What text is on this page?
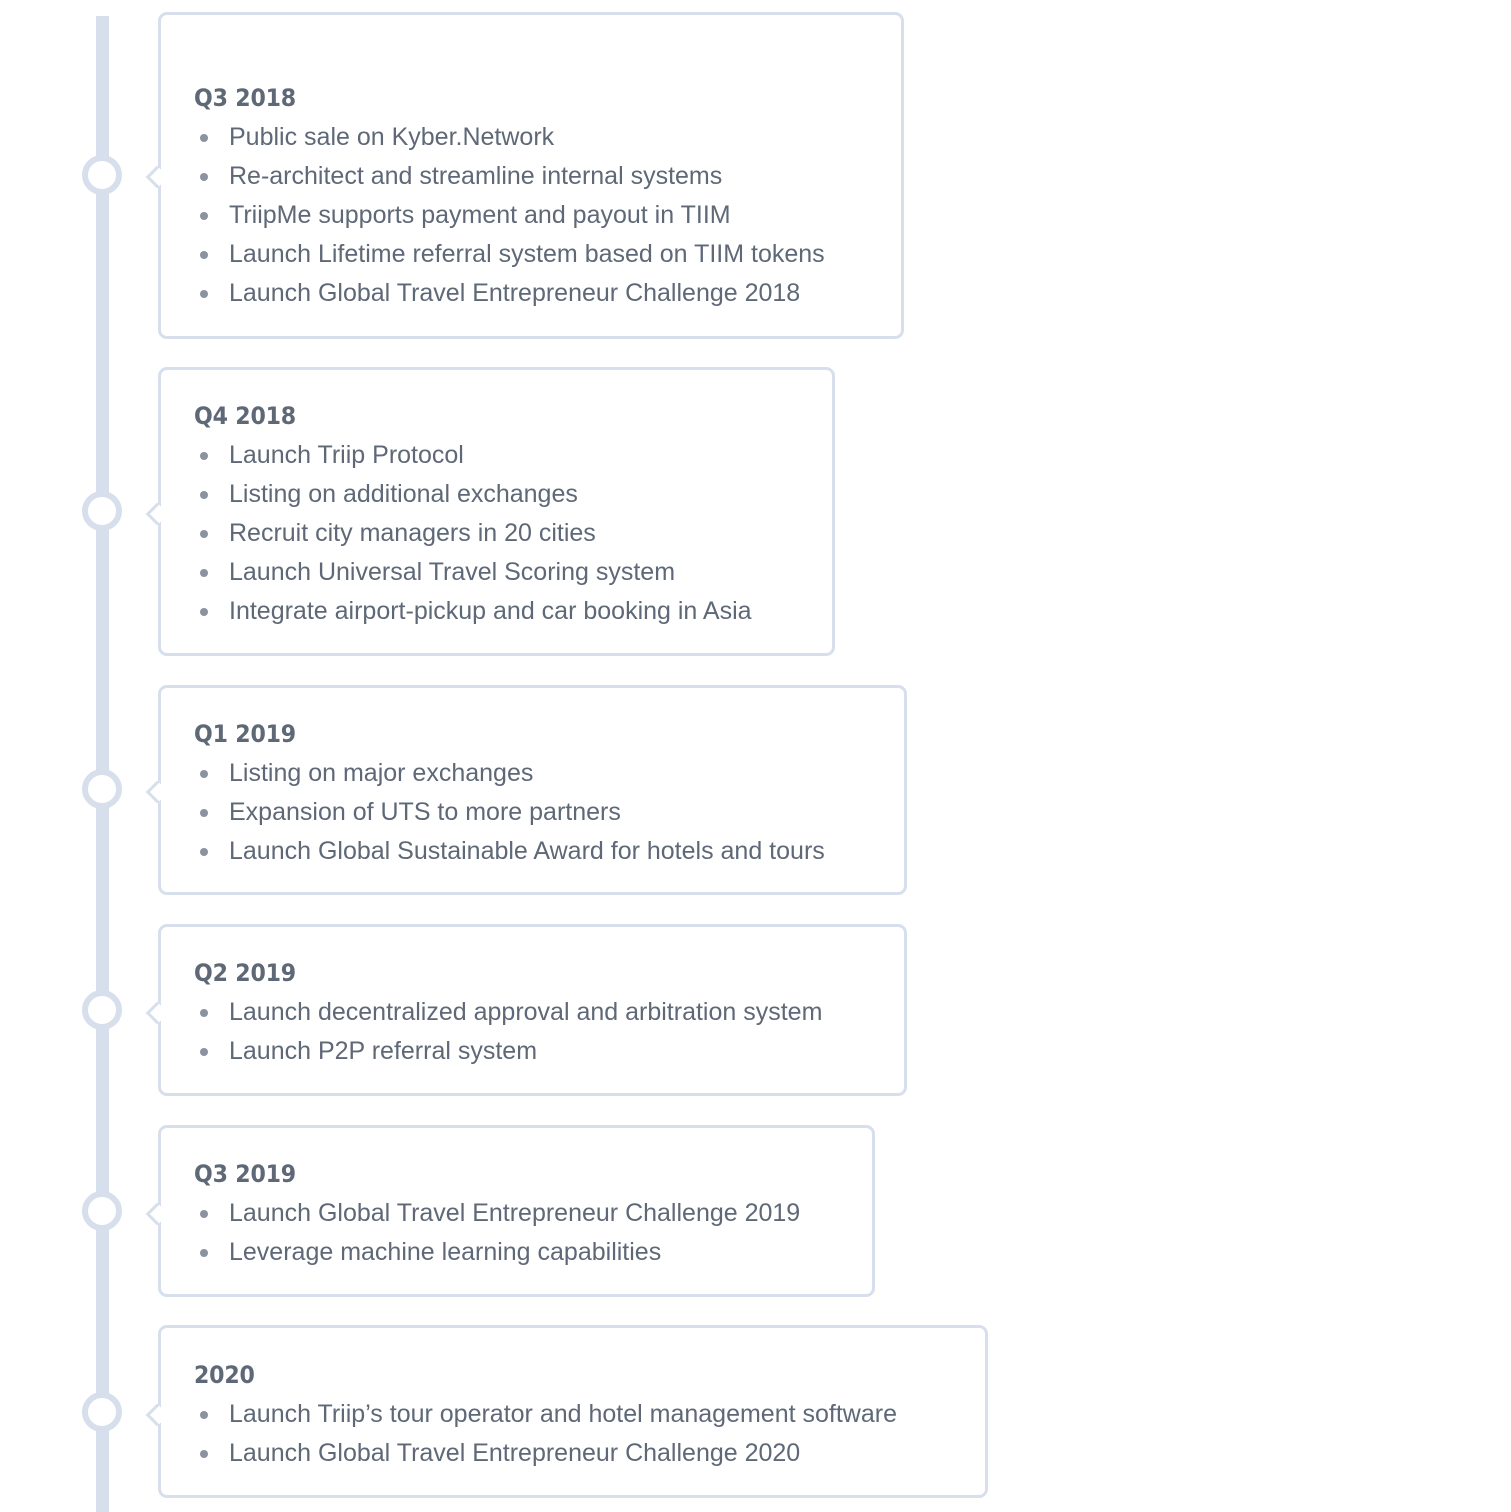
Q3 2018
Public sale on Kyber.Network
Re-architect and streamline internal systems
TriipMe supports payment and payout in TIIM
Launch Lifetime referral system based on TIIM tokens
Launch Global Travel Entrepreneur Challenge 2018
Q4 2018
Launch Triip Protocol
Listing on additional exchanges
Recruit city managers in 20 cities
Launch Universal Travel Scoring system
Integrate airport-pickup and car booking in Asia
Q1 2019
Listing on major exchanges
Expansion of UTS to more partners
Launch Global Sustainable Award for hotels and tours
Q2 2019
Launch decentralized approval and arbitration system
Launch P2P referral system
Q3 2019
Launch Global Travel Entrepreneur Challenge 2019
Leverage machine learning capabilities
2020
Launch Triip’s tour operator and hotel management software
Launch Global Travel Entrepreneur Challenge 2020
